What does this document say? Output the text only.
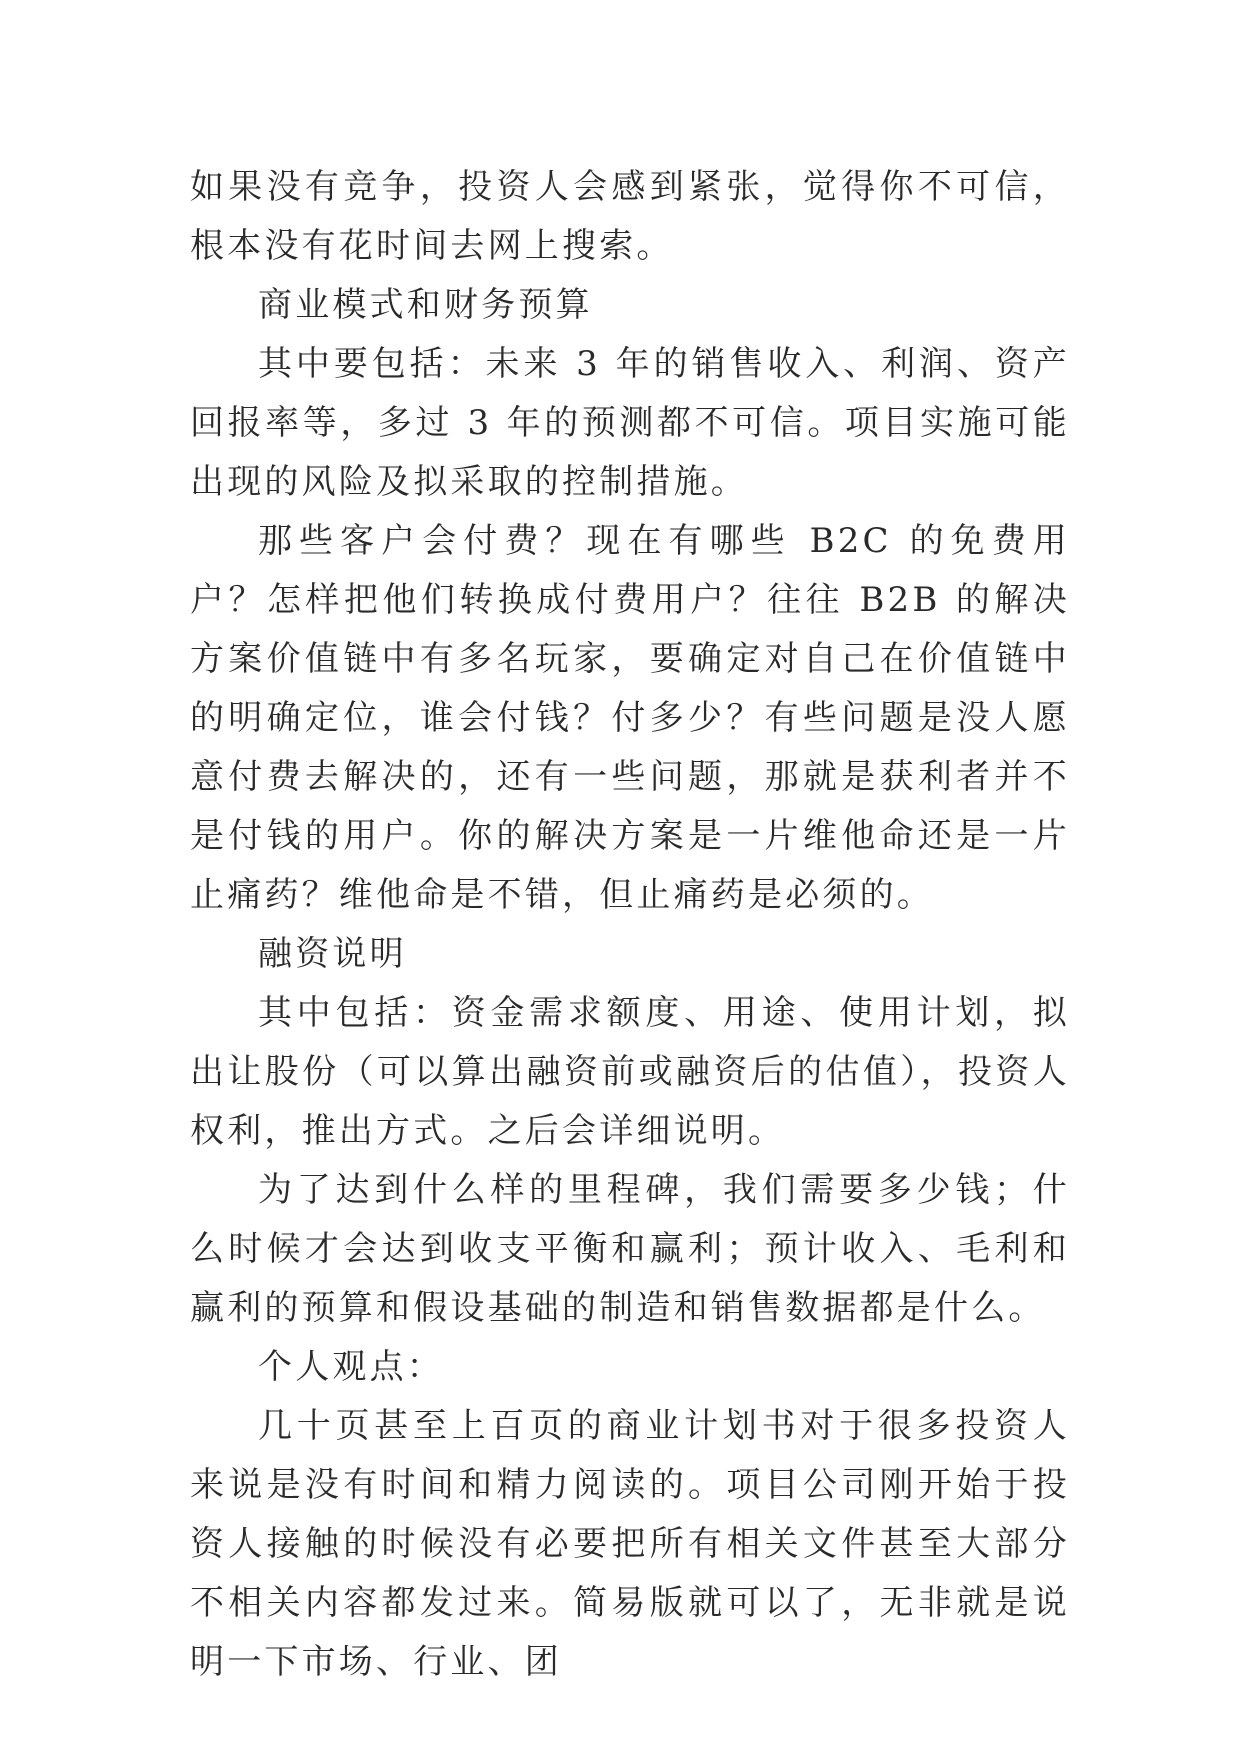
如果没有竞争，投资人会感到紧张，觉得你不可信，根本没有花时间去网上搜索。

商业模式和财务预算

其中要包括：未来 3 年的销售收入、利润、资产回报率等，多过 3 年的预测都不可信。项目实施可能出现的风险及拟采取的控制措施。

那些客户会付费？现在有哪些 B2C 的免费用户？怎样把他们转换成付费用户？往往 B2B 的解决方案价值链中有多名玩家，要确定对自己在价值链中的明确定位，谁会付钱？付多少？有些问题是没人愿意付费去解决的，还有一些问题，那就是获利者并不是付钱的用户。你的解决方案是一片维他命还是一片止痛药？维他命是不错，但止痛药是必须的。

融资说明

其中包括：资金需求额度、用途、使用计划，拟出让股份（可以算出融资前或融资后的估值），投资人权利，推出方式。之后会详细说明。

为了达到什么样的里程碑，我们需要多少钱；什么时候才会达到收支平衡和赢利；预计收入、毛利和赢利的预算和假设基础的制造和销售数据都是什么。

个人观点：

几十页甚至上百页的商业计划书对于很多投资人来说是没有时间和精力阅读的。项目公司刚开始于投资人接触的时候没有必要把所有相关文件甚至大部分不相关内容都发过来。简易版就可以了，无非就是说明一下市场、行业、团
